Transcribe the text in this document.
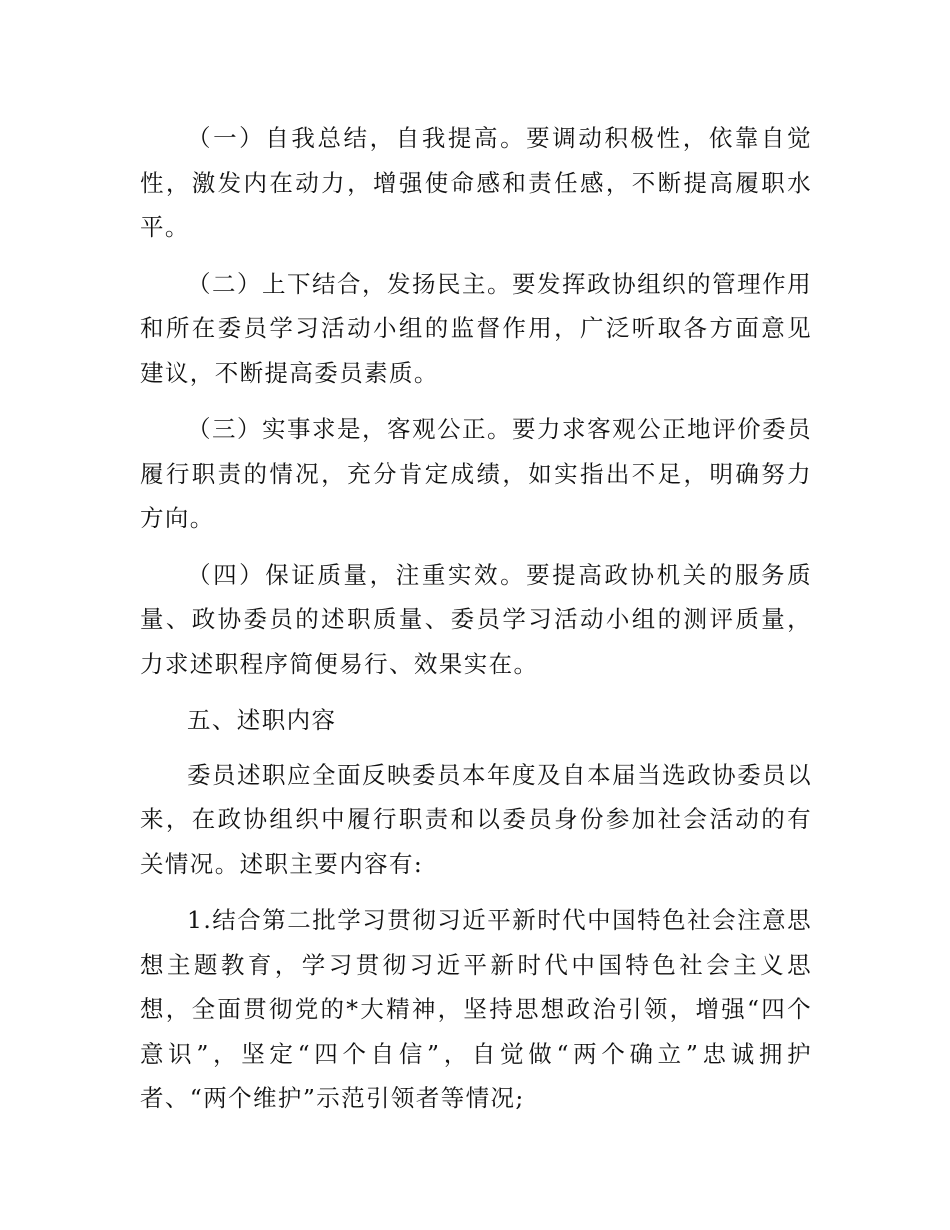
（一）自我总结，自我提高。要调动积极性，依靠自觉性，激发内在动力，增强使命感和责任感，不断提高履职水平。

（二）上下结合，发扬民主。要发挥政协组织的管理作用和所在委员学习活动小组的监督作用，广泛听取各方面意见建议，不断提高委员素质。

（三）实事求是，客观公正。要力求客观公正地评价委员履行职责的情况，充分肯定成绩，如实指出不足，明确努力方向。

（四）保证质量，注重实效。要提高政协机关的服务质量、政协委员的述职质量、委员学习活动小组的测评质量，力求述职程序简便易行、效果实在。

五、述职内容

委员述职应全面反映委员本年度及自本届当选政协委员以来，在政协组织中履行职责和以委员身份参加社会活动的有关情况。述职主要内容有:

1.结合第二批学习贯彻习近平新时代中国特色社会注意思想主题教育，学习贯彻习近平新时代中国特色社会主义思想，全面贯彻党的*大精神，坚持思想政治引领，增强“四个意识”，坚定“四个自信”，自觉做“两个确立”忠诚拥护者、“两个维护”示范引领者等情况;
